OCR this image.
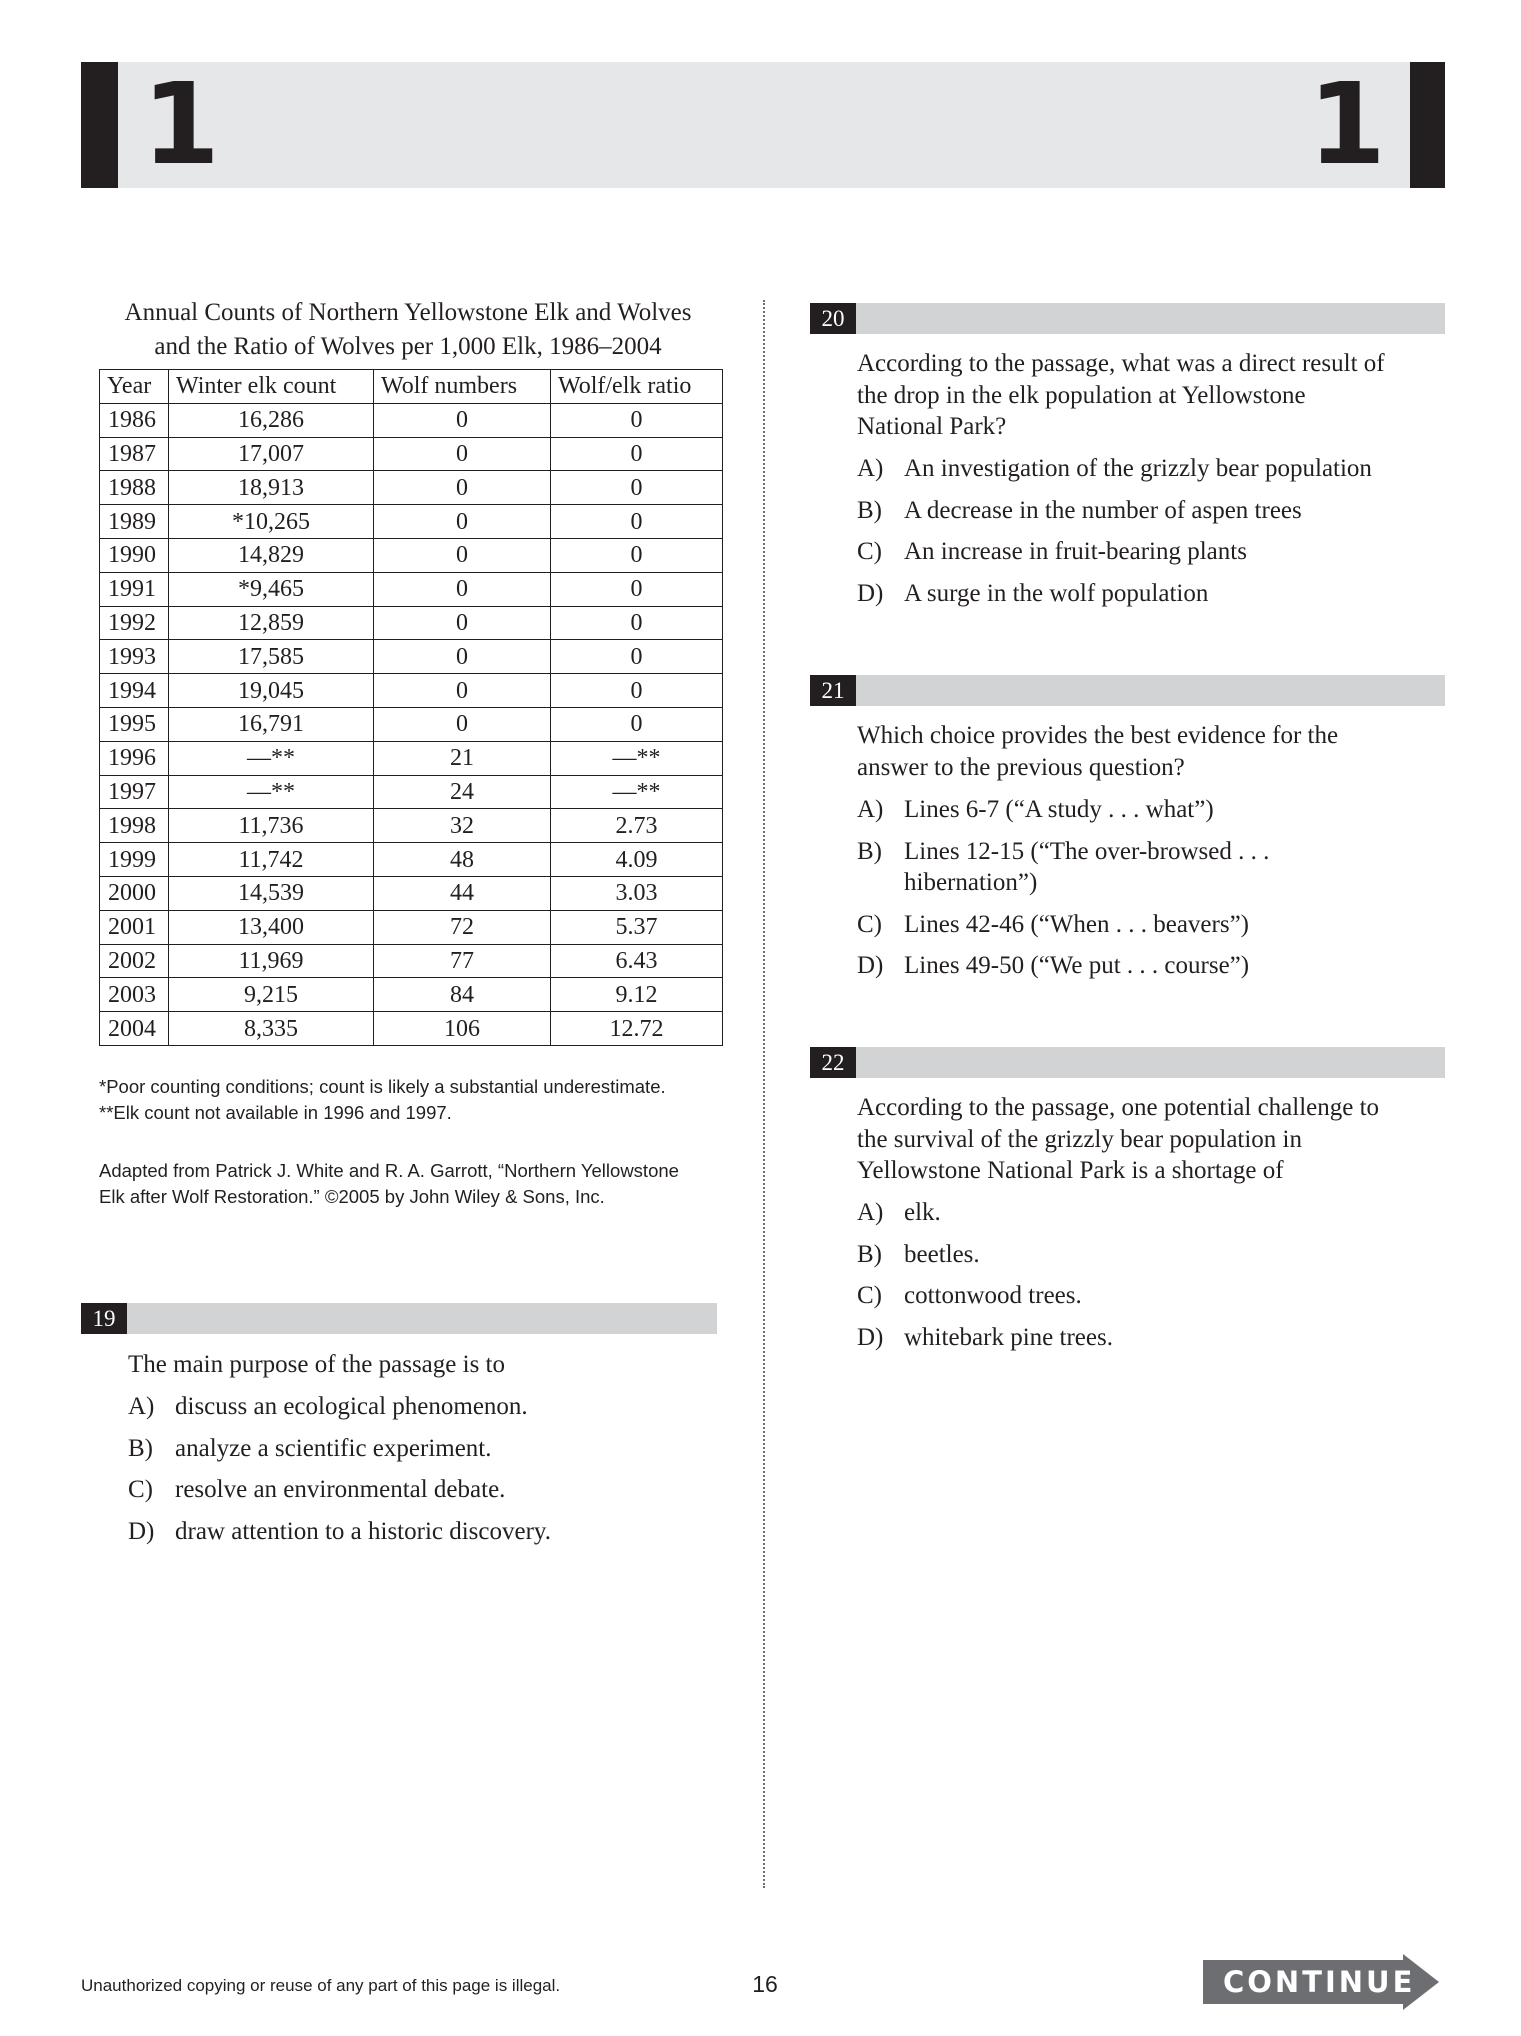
1	1
Annual Counts of Northern Yellowstone Elk and Wolves
and the Ratio of Wolves per 1,000 Elk, 1986–2004
Year	Winter elk count	Wolf numbers	Wolf/elk ratio
1986	16,286	0	0
1987	17,007	0	0
1988	18,913	0	0
1989	*10,265	0	0
1990	14,829	0	0
1991	*9,465	0	0
1992	12,859	0	0
1993	17,585	0	0
1994	19,045	0	0
1995	16,791	0	0
1996	—**	21	—**
1997	—**	24	—**
1998	11,736	32	2.73
1999	11,742	48	4.09
2000	14,539	44	3.03
2001	13,400	72	5.37
2002	11,969	77	6.43
2003	9,215	84	9.12
2004	8,335	106	12.72

*Poor counting conditions; count is likely a substantial underestimate.

**Elk count not available in 1996 and 1997.

Adapted from Patrick J. White and R. A. Garrott, “Northern Yellowstone
Elk after Wolf Restoration.” ©2005 by John Wiley & Sons, Inc.
19
The main purpose of the passage is to
A) discuss an ecological phenomenon.
B) analyze a scientific experiment.
C) resolve an environmental debate.
D) draw attention to a historic discovery.
20
According to the passage, what was a direct result of
the drop in the elk population at Yellowstone
National Park?
A) An investigation of the grizzly bear population
B) A decrease in the number of aspen trees
C) An increase in fruit-bearing plants
D) A surge in the wolf population
21
Which choice provides the best evidence for the
answer to the previous question?
A) Lines 6-7 (“A study . . . what”)
B) Lines 12-15 (“The over-browsed . . .
hibernation”)
C) Lines 42-46 (“When . . . beavers”)
D) Lines 49-50 (“We put . . . course”)
22
According to the passage, one potential challenge to
the survival of the grizzly bear population in
Yellowstone National Park is a shortage of
A) elk.
B) beetles.
C) cottonwood trees.
D) whitebark pine trees.
Unauthorized copying or reuse of any part of this page is illegal.	16	CONTINUE
